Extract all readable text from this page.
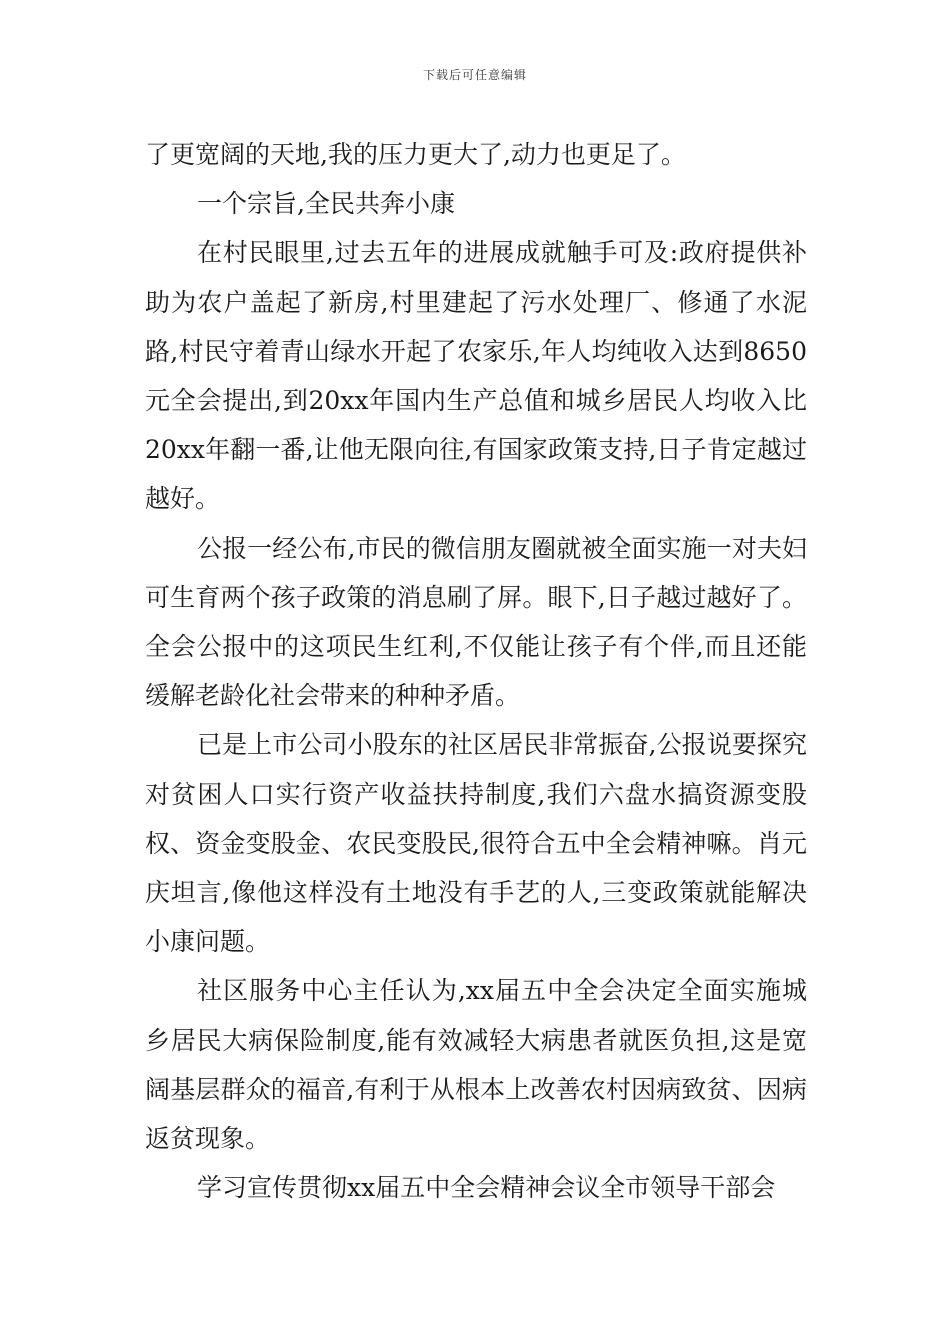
下载后可任意编辑

了更宽阔的天地,我的压力更大了,动力也更足了。

一个宗旨,全民共奔小康

在村民眼里,过去五年的进展成就触手可及:政府提供补助为农户盖起了新房,村里建起了污水处理厂、修通了水泥路,村民守着青山绿水开起了农家乐,年人均纯收入达到8650元全会提出,到20xx年国内生产总值和城乡居民人均收入比20xx年翻一番,让他无限向往,有国家政策支持,日子肯定越过越好。

公报一经公布,市民的微信朋友圈就被全面实施一对夫妇可生育两个孩子政策的消息刷了屏。眼下,日子越过越好了。全会公报中的这项民生红利,不仅能让孩子有个伴,而且还能缓解老龄化社会带来的种种矛盾。

已是上市公司小股东的社区居民非常振奋,公报说要探究对贫困人口实行资产收益扶持制度,我们六盘水搞资源变股权、资金变股金、农民变股民,很符合五中全会精神嘛。肖元庆坦言,像他这样没有土地没有手艺的人,三变政策就能解决小康问题。

社区服务中心主任认为,xx届五中全会决定全面实施城乡居民大病保险制度,能有效减轻大病患者就医负担,这是宽阔基层群众的福音,有利于从根本上改善农村因病致贫、因病返贫现象。

学习宣传贯彻xx届五中全会精神会议全市领导干部会
